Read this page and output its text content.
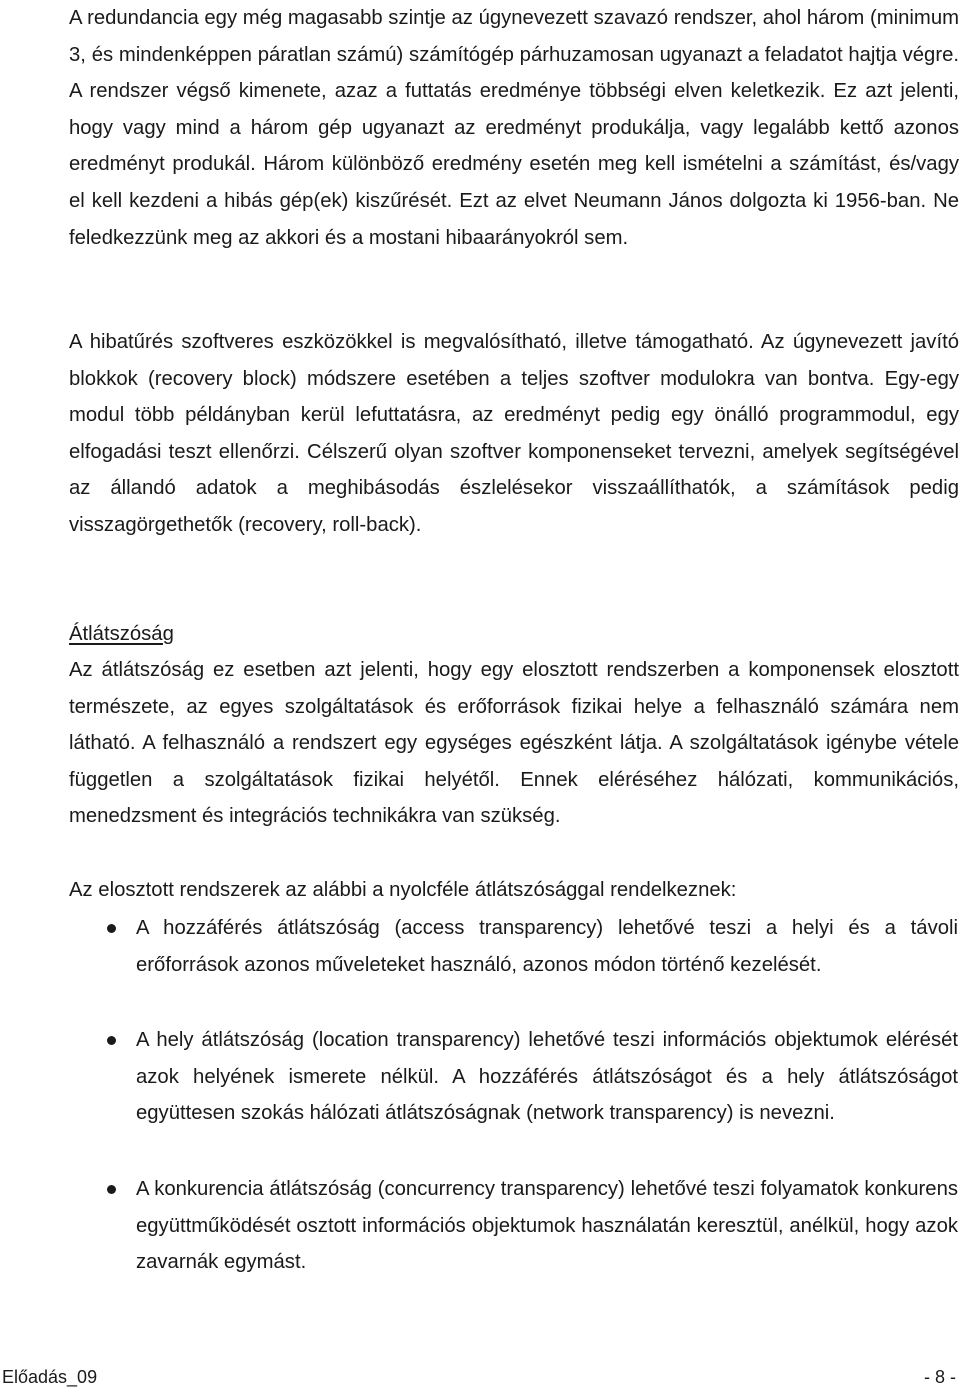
A redundancia egy még magasabb szintje az úgynevezett szavazó rendszer, ahol három (minimum 3, és mindenképpen páratlan számú) számítógép párhuzamosan ugyanazt a feladatot hajtja végre. A rendszer végső kimenete, azaz a futtatás eredménye többségi elven keletkezik. Ez azt jelenti, hogy vagy mind a három gép ugyanazt az eredményt produkálja, vagy legalább kettő azonos eredményt produkál. Három különböző eredmény esetén meg kell ismételni a számítást, és/vagy el kell kezdeni a hibás gép(ek) kiszűrését. Ezt az elvet Neumann János dolgozta ki 1956-ban. Ne feledkezzünk meg az akkori és a mostani hibaarányokról sem.

A hibatűrés szoftveres eszközökkel is megvalósítható, illetve támogatható. Az úgynevezett javító blokkok (recovery block) módszere esetében a teljes szoftver modulokra van bontva. Egy-egy modul több példányban kerül lefuttatásra, az eredményt pedig egy önálló programmodul, egy elfogadási teszt ellenőrzi. Célszerű olyan szoftver komponenseket tervezni, amelyek segítségével az állandó adatok a meghibásodás észlelésekor visszaállíthatók, a számítások pedig visszagörgethetők (recovery, roll-back).

Átlátszóság

Az átlátszóság ez esetben azt jelenti, hogy egy elosztott rendszerben a komponensek elosztott természete, az egyes szolgáltatások és erőforrások fizikai helye a felhasználó számára nem látható. A felhasználó a rendszert egy egységes egészként látja. A szolgáltatások igénybe vétele független a szolgáltatások fizikai helyétől. Ennek eléréséhez hálózati, kommunikációs, menedzsment és integrációs technikákra van szükség.

Az elosztott rendszerek az alábbi a nyolcféle átlátszósággal rendelkeznek:

A hozzáférés átlátszóság (access transparency) lehetővé teszi a helyi és a távoli erőforrások azonos műveleteket használó, azonos módon történő kezelését.

A hely átlátszóság (location transparency) lehetővé teszi információs objektumok elérését azok helyének ismerete nélkül. A hozzáférés átlátszóságot és a hely átlátszóságot együttesen szokás hálózati átlátszóságnak (network transparency) is nevezni.

A konkurencia átlátszóság (concurrency transparency) lehetővé teszi folyamatok konkurens együttműködését osztott információs objektumok használatán keresztül, anélkül, hogy azok zavarnák egymást.

Előadás_09	- 8 -
